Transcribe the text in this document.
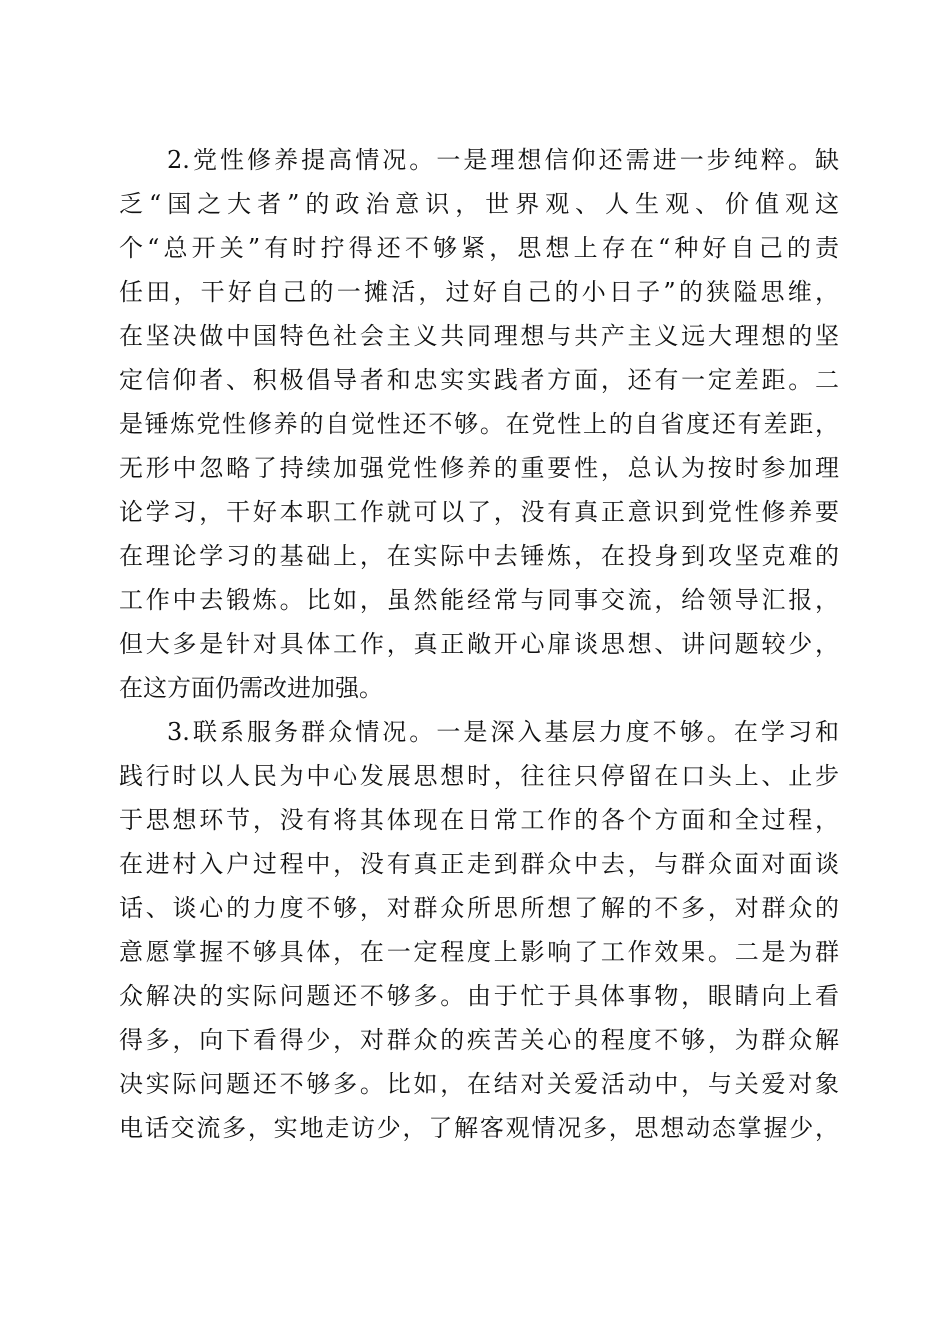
2.党性修养提高情况。一是理想信仰还需进一步纯粹。缺
乏“国之大者”的政治意识，世界观、人生观、价值观这
个“总开关”有时拧得还不够紧，思想上存在“种好自己的责
任田，干好自己的一摊活，过好自己的小日子”的狭隘思维，
在坚决做中国特色社会主义共同理想与共产主义远大理想的坚
定信仰者、积极倡导者和忠实实践者方面，还有一定差距。二
是锤炼党性修养的自觉性还不够。在党性上的自省度还有差距，
无形中忽略了持续加强党性修养的重要性，总认为按时参加理
论学习，干好本职工作就可以了，没有真正意识到党性修养要
在理论学习的基础上，在实际中去锤炼，在投身到攻坚克难的
工作中去锻炼。比如，虽然能经常与同事交流，给领导汇报，
但大多是针对具体工作，真正敞开心扉谈思想、讲问题较少，
在这方面仍需改进加强。
3.联系服务群众情况。一是深入基层力度不够。在学习和
践行时以人民为中心发展思想时，往往只停留在口头上、止步
于思想环节，没有将其体现在日常工作的各个方面和全过程，
在进村入户过程中，没有真正走到群众中去，与群众面对面谈
话、谈心的力度不够，对群众所思所想了解的不多，对群众的
意愿掌握不够具体，在一定程度上影响了工作效果。二是为群
众解决的实际问题还不够多。由于忙于具体事物，眼睛向上看
得多，向下看得少，对群众的疾苦关心的程度不够，为群众解
决实际问题还不够多。比如，在结对关爱活动中，与关爱对象
电话交流多，实地走访少，了解客观情况多，思想动态掌握少，
